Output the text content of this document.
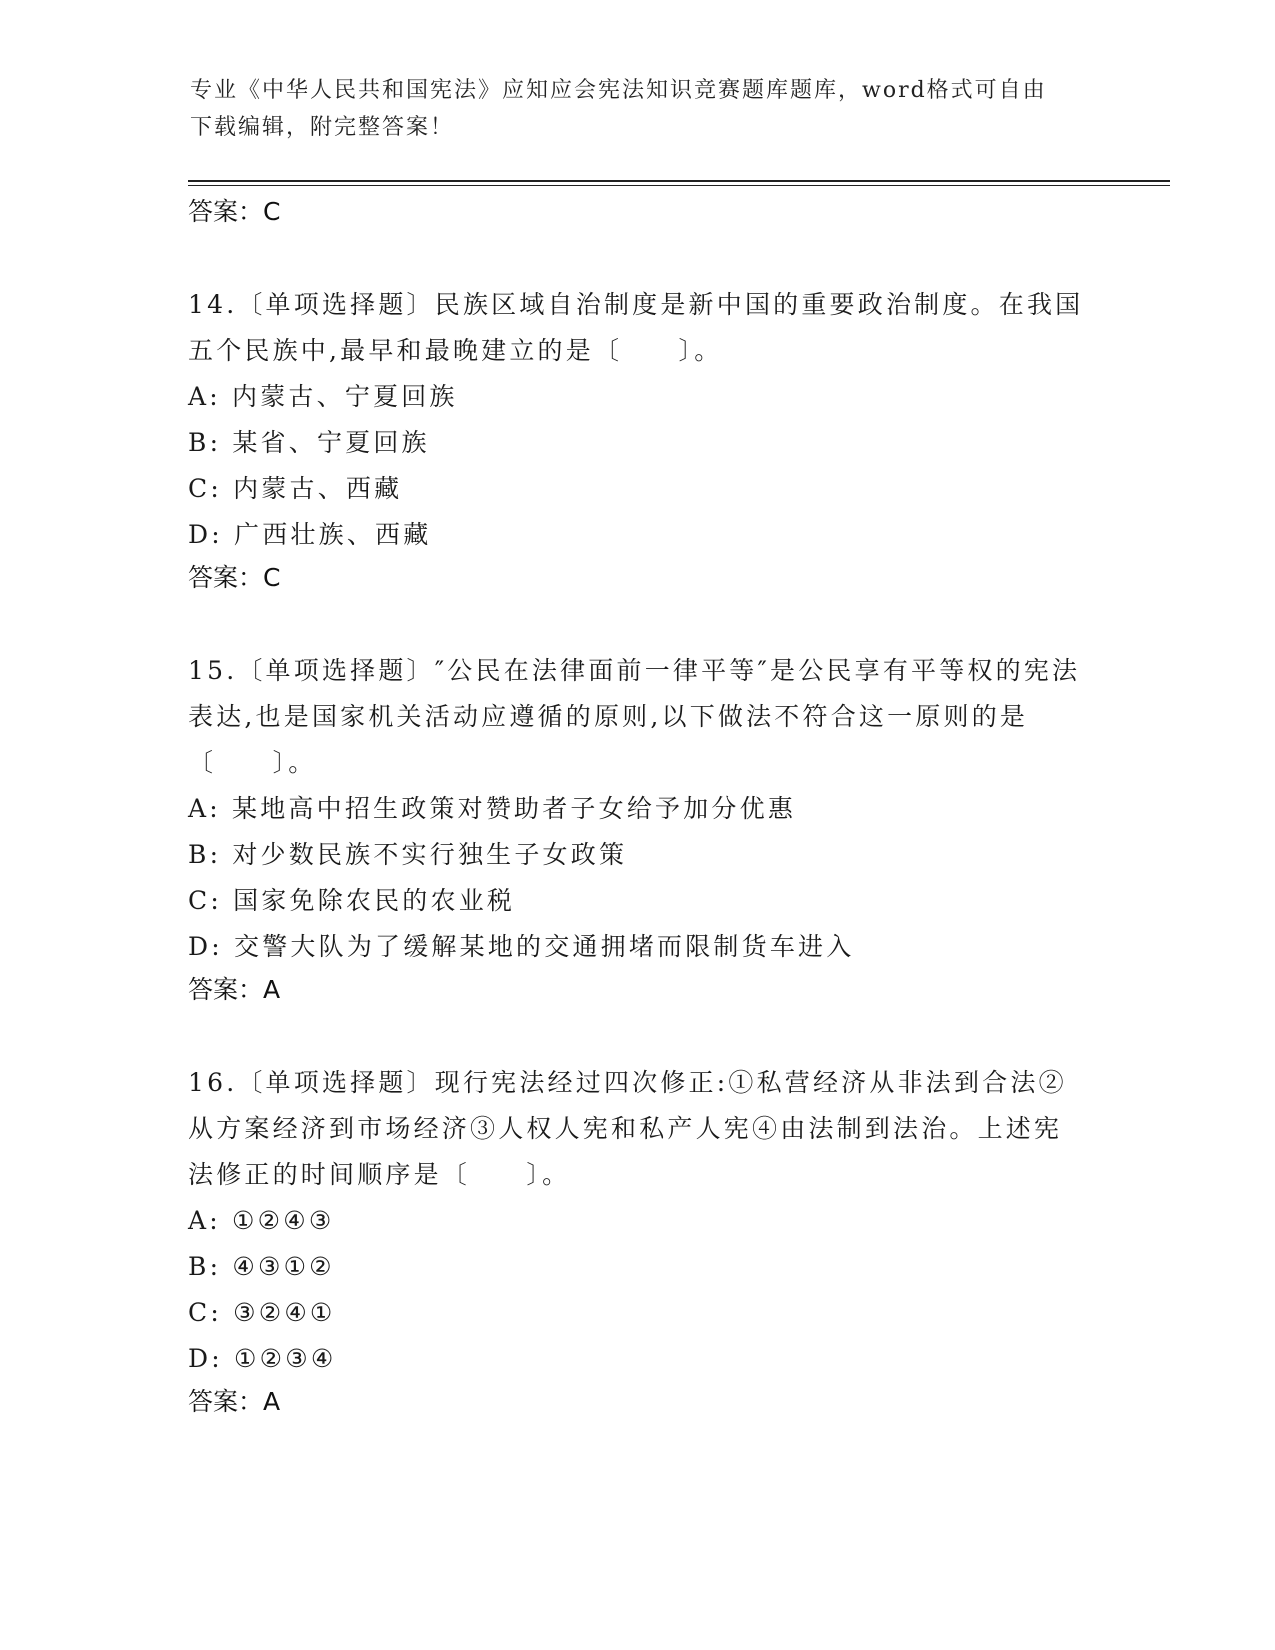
专业《中华人民共和国宪法》应知应会宪法知识竞赛题库题库，word格式可自由
下载编辑，附完整答案！

答案：C

14.〔单项选择题〕民族区域自治制度是新中国的重要政治制度。在我国五个民族中,最早和最晚建立的是〔　　〕。

A: 内蒙古、宁夏回族

B: 某省、宁夏回族

C: 内蒙古、西藏

D: 广西壮族、西藏

答案：C

15.〔单项选择题〕″公民在法律面前一律平等″是公民享有平等权的宪法表达,也是国家机关活动应遵循的原则,以下做法不符合这一原则的是〔　　〕。

A: 某地高中招生政策对赞助者子女给予加分优惠

B: 对少数民族不实行独生子女政策

C: 国家免除农民的农业税

D: 交警大队为了缓解某地的交通拥堵而限制货车进入

答案：A

16.〔单项选择题〕现行宪法经过四次修正:①私营经济从非法到合法②从方案经济到市场经济③人权人宪和私产人宪④由法制到法治。上述宪法修正的时间顺序是〔　　〕。

A: ①②④③

B: ④③①②

C: ③②④①

D: ①②③④

答案：A
